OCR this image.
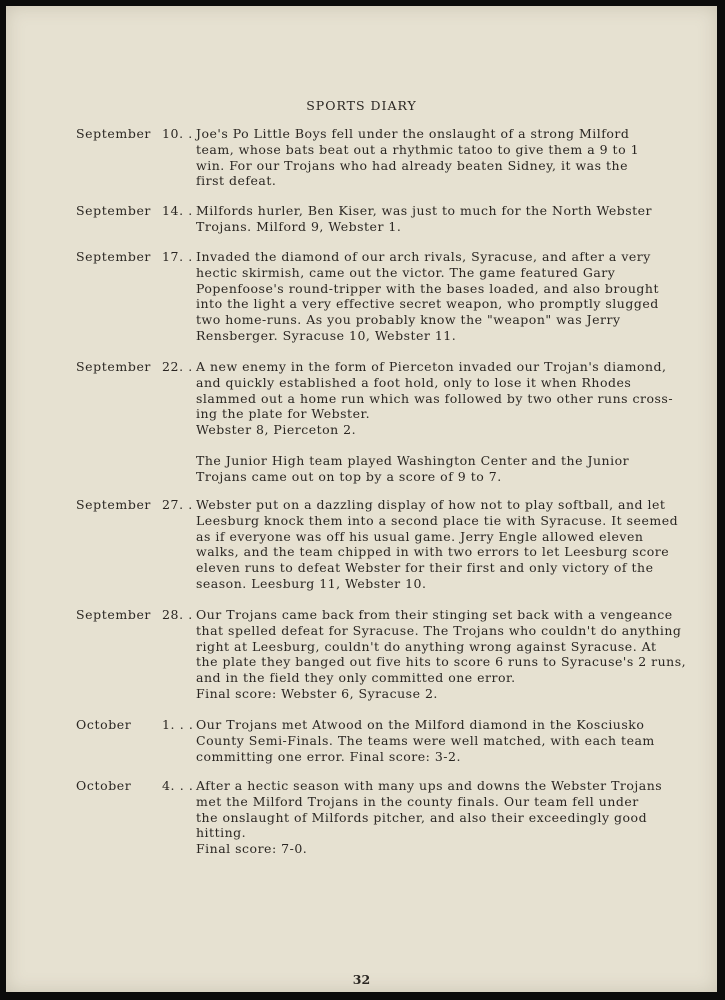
SPORTS DIARY
September 10. . Joe's Po Little Boys fell under the onslaught of a strong Milford
team, whose bats beat out a rhythmic tatoo to give them a 9 to 1
win. For our Trojans who had already beaten Sidney, it was the
first defeat.

September 14. . Milfords hurler, Ben Kiser, was just to much for the North Webster
Trojans. Milford 9, Webster 1.

September 17. . Invaded the diamond of our arch rivals, Syracuse, and after a very
hectic skirmish, came out the victor. The game featured Gary
Popenfoose's round-tripper with the bases loaded, and also brought
into the light a very effective secret weapon, who promptly slugged
two home-runs. As you probably know the "weapon" was Jerry
Rensberger. Syracuse 10, Webster 11.

September 22. . A new enemy in the form of Pierceton invaded our Trojan's diamond,
and quickly established a foot hold, only to lose it when Rhodes
slammed out a home run which was followed by two other runs cross-
ing the plate for Webster.
Webster 8, Pierceton 2.

The Junior High team played Washington Center and the Junior
Trojans came out on top by a score of 9 to 7.

September 27. . Webster put on a dazzling display of how not to play softball, and let
Leesburg knock them into a second place tie with Syracuse. It seemed
as if everyone was off his usual game. Jerry Engle allowed eleven
walks, and the team chipped in with two errors to let Leesburg score
eleven runs to defeat Webster for their first and only victory of the
season. Leesburg 11, Webster 10.

September 28. . Our Trojans came back from their stinging set back with a vengeance
that spelled defeat for Syracuse. The Trojans who couldn't do anything
right at Leesburg, couldn't do anything wrong against Syracuse. At
the plate they banged out five hits to score 6 runs to Syracuse's 2 runs,
and in the field they only committed one error.
Final score: Webster 6, Syracuse 2.

October 1. . . Our Trojans met Atwood on the Milford diamond in the Kosciusko
County Semi-Finals. The teams were well matched, with each team
committing one error. Final score: 3-2.

October 4. . . After a hectic season with many ups and downs the Webster Trojans
met the Milford Trojans in the county finals. Our team fell under
the onslaught of Milfords pitcher, and also their exceedingly good
hitting.
Final score: 7-0.

32
